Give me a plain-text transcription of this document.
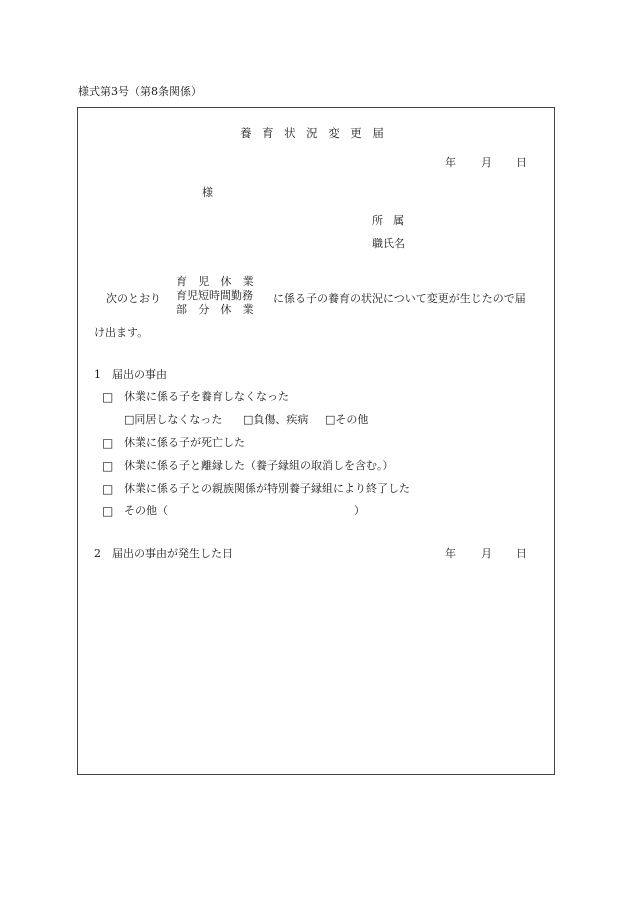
様式第3号（第8条関係）
養 育 状 況 変 更 届
年 月 日
様
所 属
職氏名
次のとおり
育 児 休 業
育児短時間勤務
部 分 休 業
に係る子の養育の状況について変更が生じたので届
け出ます。
1　届出の事由
□ 休業に係る子を養育しなくなった
□同居しなくなった □負傷、疾病 □その他
□ 休業に係る子が死亡した
□ 休業に係る子と離縁した（養子縁組の取消しを含む。）
□ 休業に係る子との親族関係が特別養子縁組により終了した
□ その他（	）
2　届出の事由が発生した日	年 月 日
